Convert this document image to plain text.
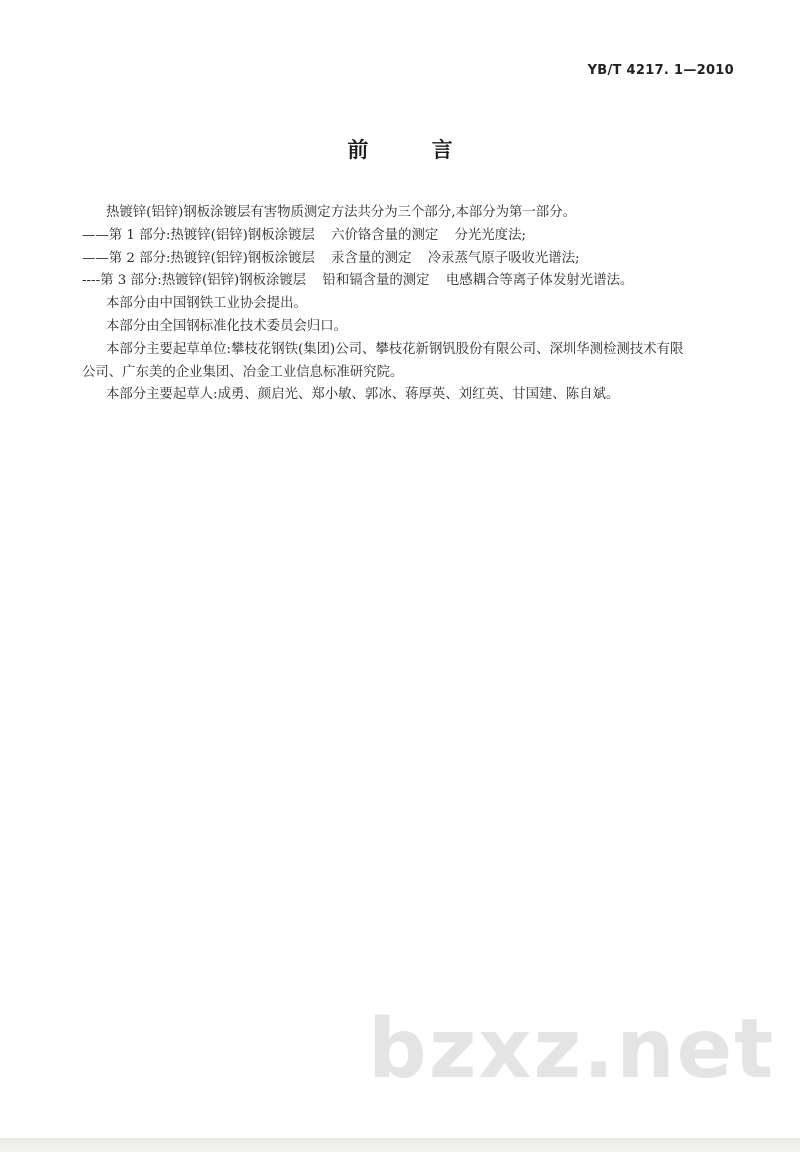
YB/T 4217. 1—2010
前 言

热镀锌(铝锌)钢板涂镀层有害物质测定方法共分为三个部分,本部分为第一部分。

——第 1 部分:热镀锌(铝锌)钢板涂镀层 六价铬含量的测定 分光光度法;

——第 2 部分:热镀锌(铝锌)钢板涂镀层 汞含量的测定 冷汞蒸气原子吸收光谱法;

----第 3 部分:热镀锌(铝锌)钢板涂镀层 铅和镉含量的测定 电感耦合等离子体发射光谱法。

本部分由中国钢铁工业协会提出。

本部分由全国钢标准化技术委员会归口。

本部分主要起草单位:攀枝花钢铁(集团)公司、攀枝花新钢钒股份有限公司、深圳华测检测技术有限

公司、广东美的企业集团、冶金工业信息标准研究院。

本部分主要起草人:成勇、颜启光、郑小敏、郭冰、蒋厚英、刘红英、甘国建、陈自斌。

bzxz.net
